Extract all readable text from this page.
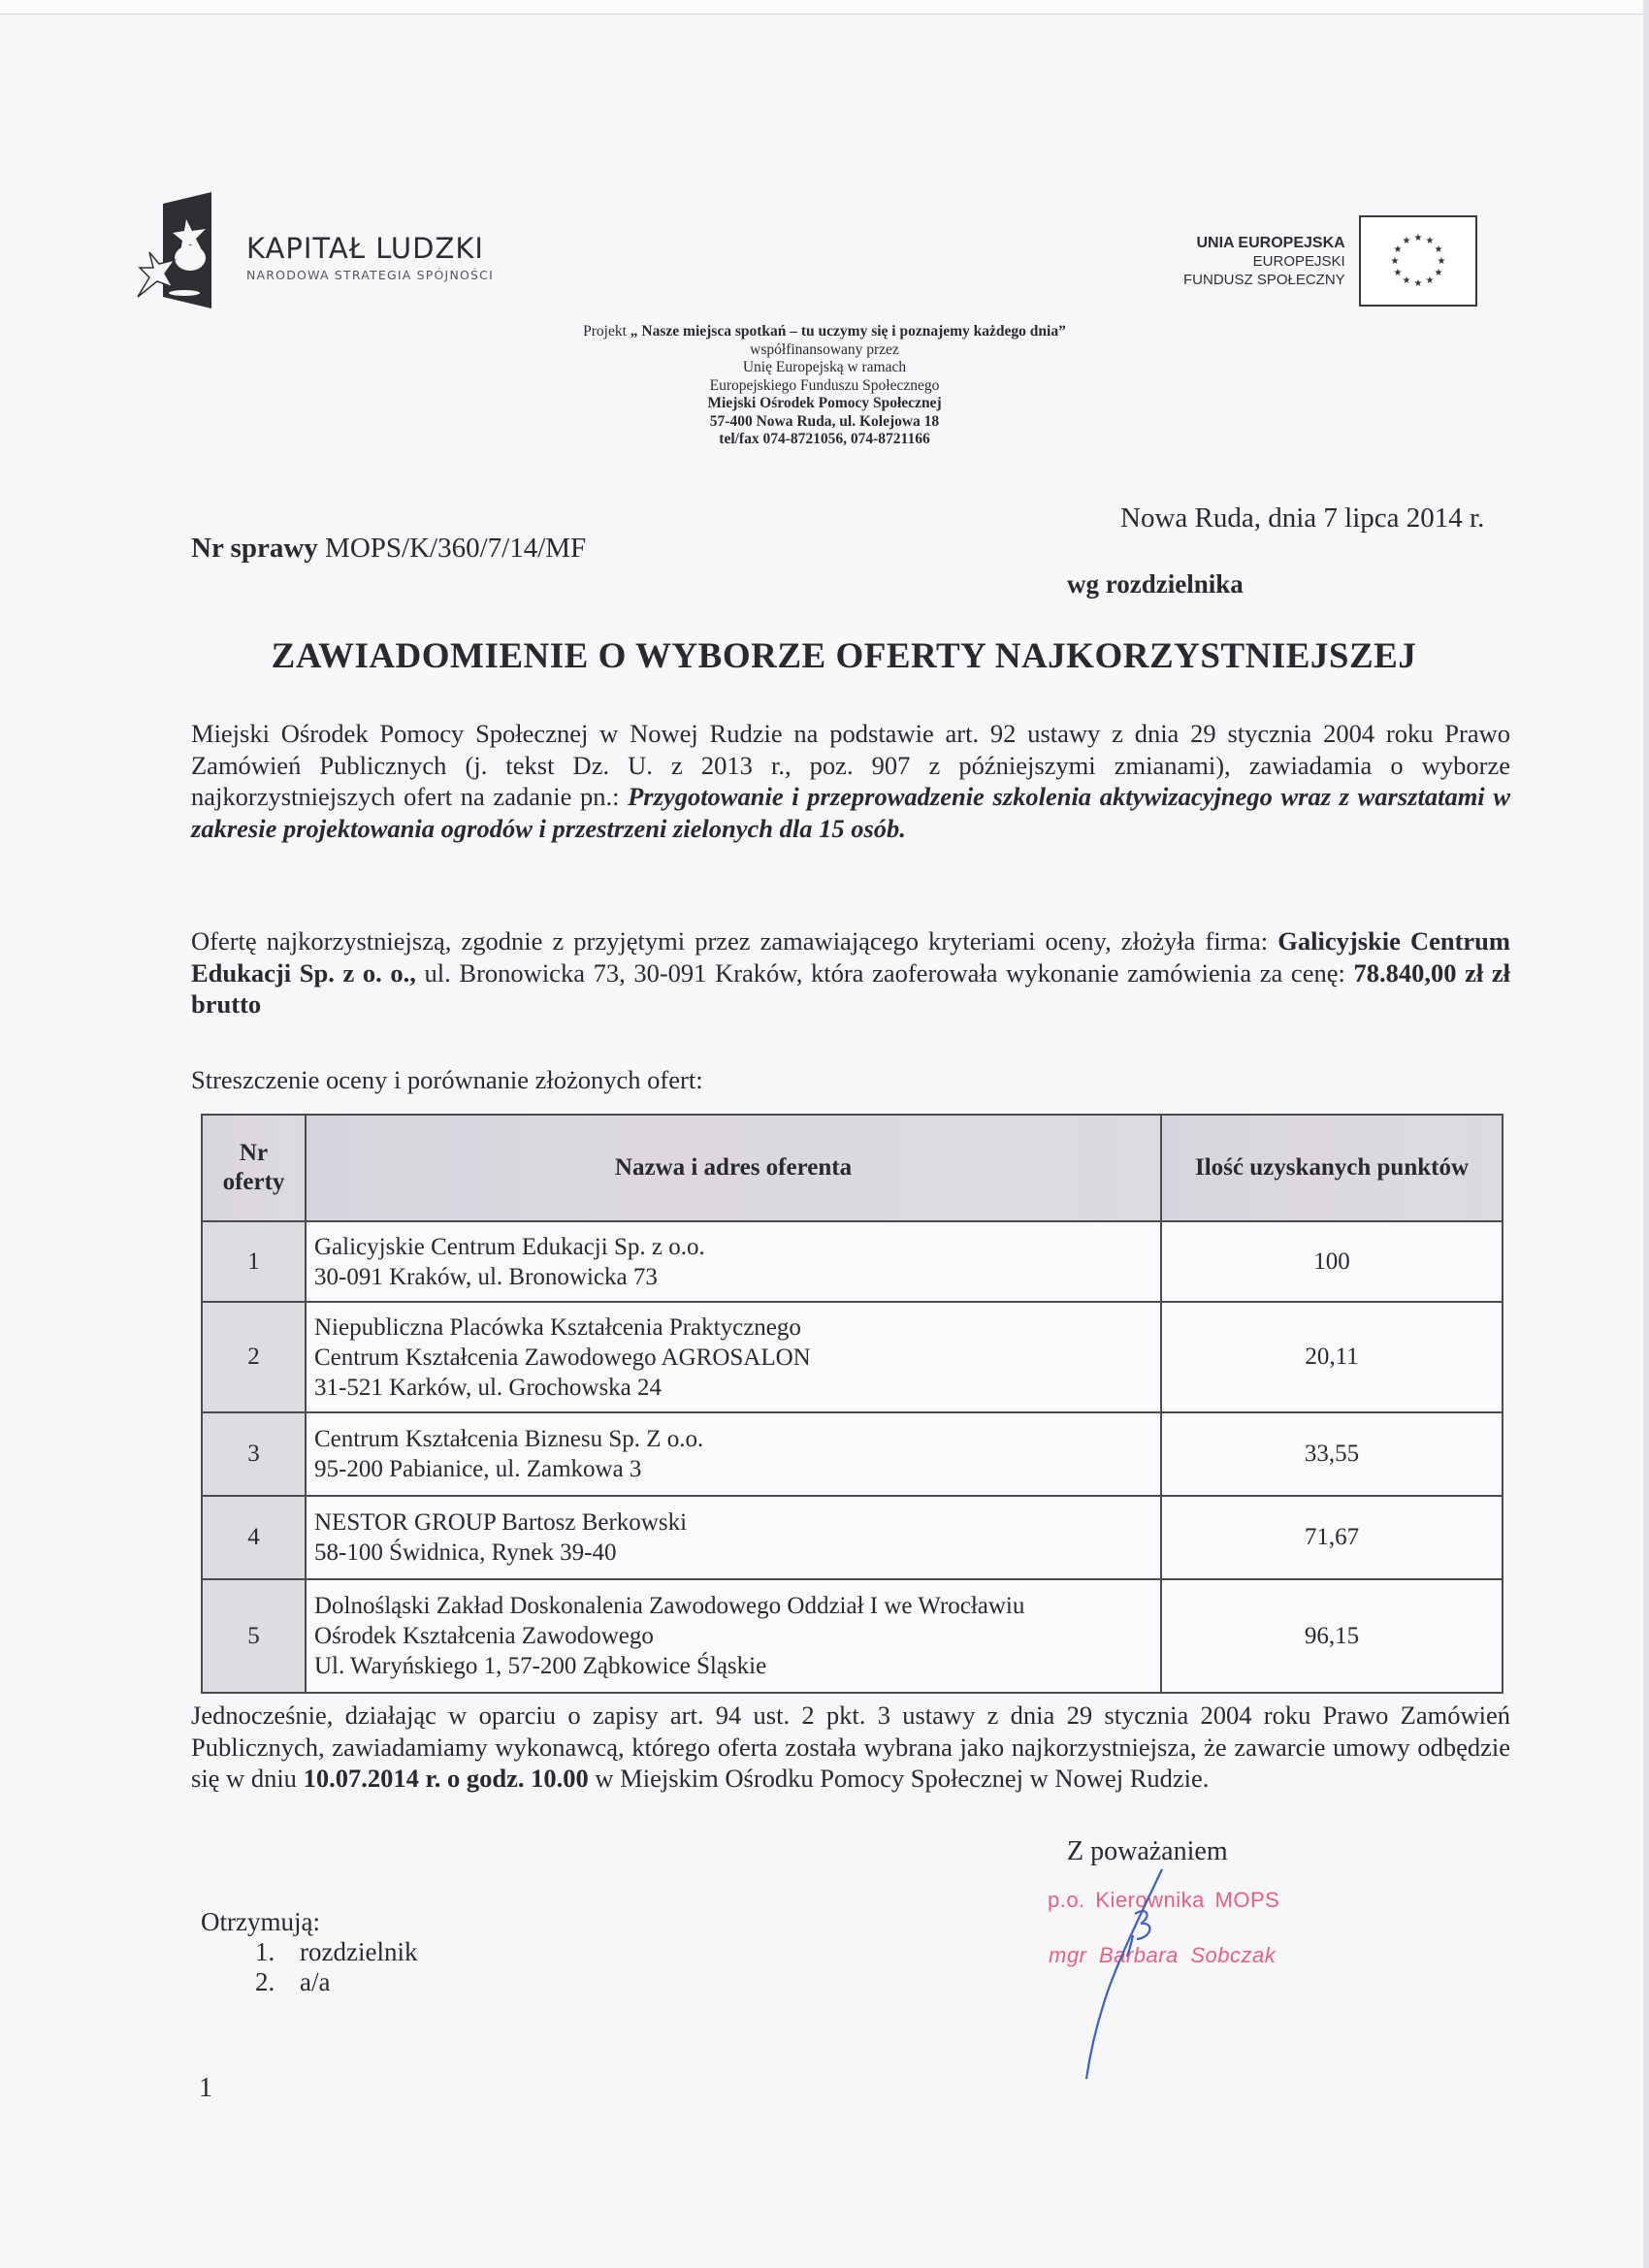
KAPITAŁ LUDZKI
NARODOWA STRATEGIA SPÓJNOŚCI
UNIA EUROPEJSKA
EUROPEJSKI
FUNDUSZ SPOŁECZNY
★ ★
★
★
★
★
★
★
★
★
★
★
Projekt „ Nasze miejsca spotkań – tu uczymy się i poznajemy każdego dnia”
współfinansowany przez
Unię Europejską w ramach
Europejskiego Funduszu Społecznego
Miejski Ośrodek Pomocy Społecznej
57-400 Nowa Ruda, ul. Kolejowa 18
tel/fax 074-8721056, 074-8721166
Nr sprawy MOPS/K/360/7/14/MF
Nowa Ruda, dnia 7 lipca 2014 r.
wg rozdzielnika
ZAWIADOMIENIE O WYBORZE OFERTY NAJKORZYSTNIEJSZEJ
Miejski Ośrodek Pomocy Społecznej w Nowej Rudzie na podstawie art. 92 ustawy z dnia 29 stycznia 2004 roku Prawo Zamówień Publicznych (j. tekst Dz. U. z 2013 r., poz. 907 z późniejszymi zmianami), zawiadamia o wyborze najkorzystniejszych ofert na zadanie pn.: Przygotowanie i przeprowadzenie szkolenia aktywizacyjnego wraz z warsztatami w zakresie projektowania ogrodów i przestrzeni zielonych dla 15 osób.
Ofertę najkorzystniejszą, zgodnie z przyjętymi przez zamawiającego kryteriami oceny, złożyła firma: Galicyjskie Centrum Edukacji Sp. z o. o., ul. Bronowicka 73, 30-091 Kraków, która zaoferowała wykonanie zamówienia za cenę: 78.840,00 zł zł brutto
Streszczenie oceny i porównanie złożonych ofert:
Nr
oferty	Nazwa i adres oferenta	Ilość uzyskanych punktów
1	Galicyjskie Centrum Edukacji Sp. z o.o.
30-091 Kraków, ul. Bronowicka 73	100
2	Niepubliczna Placówka Kształcenia Praktycznego
Centrum Kształcenia Zawodowego AGROSALON
31-521 Karków, ul. Grochowska 24	20,11
3	Centrum Kształcenia Biznesu Sp. Z o.o.
95-200 Pabianice, ul. Zamkowa 3	33,55
4	NESTOR GROUP Bartosz Berkowski
58-100 Świdnica, Rynek 39-40	71,67
5	Dolnośląski Zakład Doskonalenia Zawodowego Oddział I we Wrocławiu
Ośrodek Kształcenia Zawodowego
Ul. Waryńskiego 1, 57-200 Ząbkowice Śląskie	96,15
Jednocześnie, działając w oparciu o zapisy art. 94 ust. 2 pkt. 3 ustawy z dnia 29 stycznia 2004 roku Prawo Zamówień Publicznych, zawiadamiamy wykonawcą, którego oferta została wybrana jako najkorzystniejsza, że zawarcie umowy odbędzie się w dniu 10.07.2014 r. o godz. 10.00 w Miejskim Ośrodku Pomocy Społecznej w Nowej Rudzie.
Z poważaniem
p.o. Kierownika MOPS
mgr Barbara Sobczak
Otrzymują:
1. rozdzielnik
2. a/a
1
